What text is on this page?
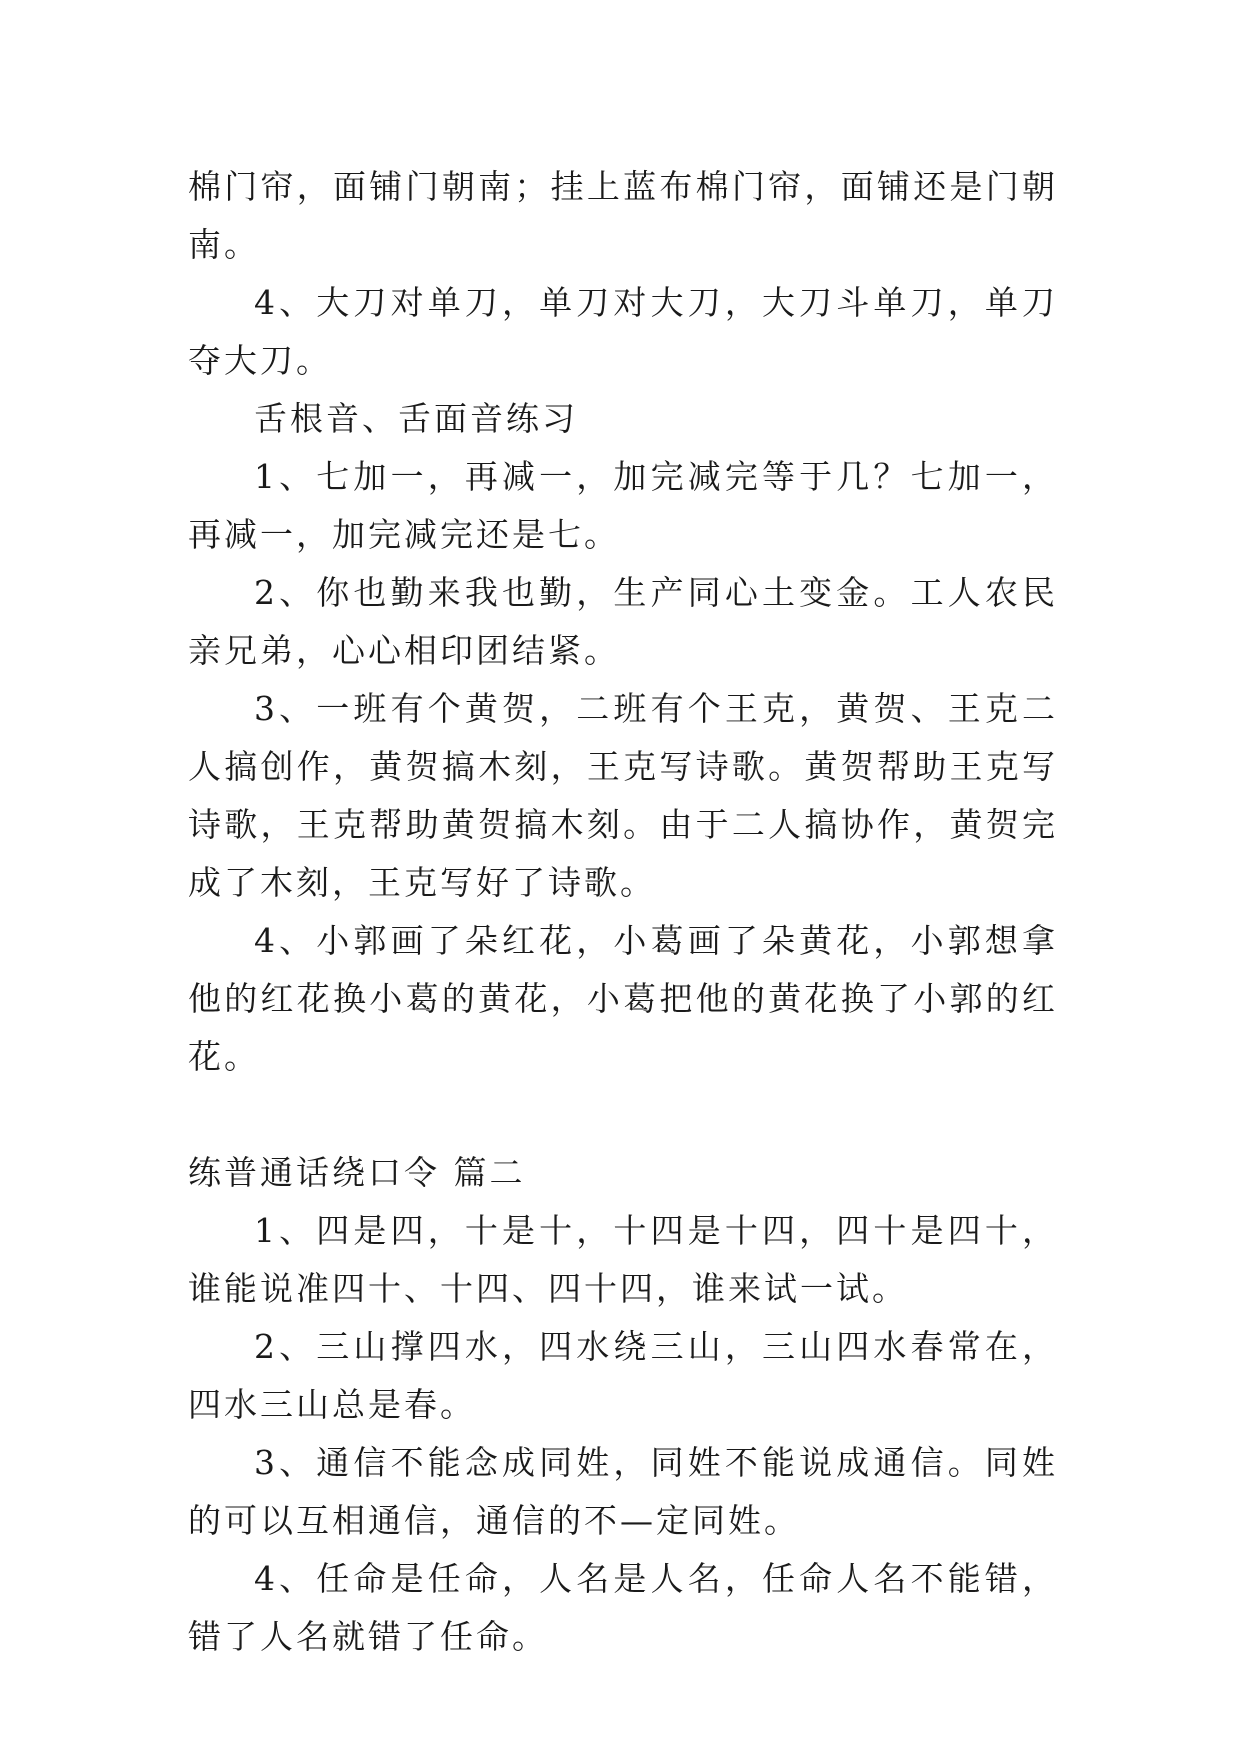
棉门帘，面铺门朝南；挂上蓝布棉门帘，面铺还是门朝南。

4、大刀对单刀，单刀对大刀，大刀斗单刀，单刀夺大刀。

舌根音、舌面音练习

1、七加一，再减一，加完减完等于几？七加一，再减一，加完减完还是七。

2、你也勤来我也勤，生产同心土变金。工人农民亲兄弟，心心相印团结紧。

3、一班有个黄贺，二班有个王克，黄贺、王克二人搞创作，黄贺搞木刻，王克写诗歌。黄贺帮助王克写诗歌，王克帮助黄贺搞木刻。由于二人搞协作，黄贺完成了木刻，王克写好了诗歌。

4、小郭画了朵红花，小葛画了朵黄花，小郭想拿他的红花换小葛的黄花，小葛把他的黄花换了小郭的红花。

练普通话绕口令 篇二

1、四是四，十是十，十四是十四，四十是四十，谁能说准四十、十四、四十四，谁来试一试。

2、三山撑四水，四水绕三山，三山四水春常在，四水三山总是春。

3、通信不能念成同姓，同姓不能说成通信。同姓的可以互相通信，通信的不—定同姓。

4、任命是任命，人名是人名，任命人名不能错，错了人名就错了任命。
